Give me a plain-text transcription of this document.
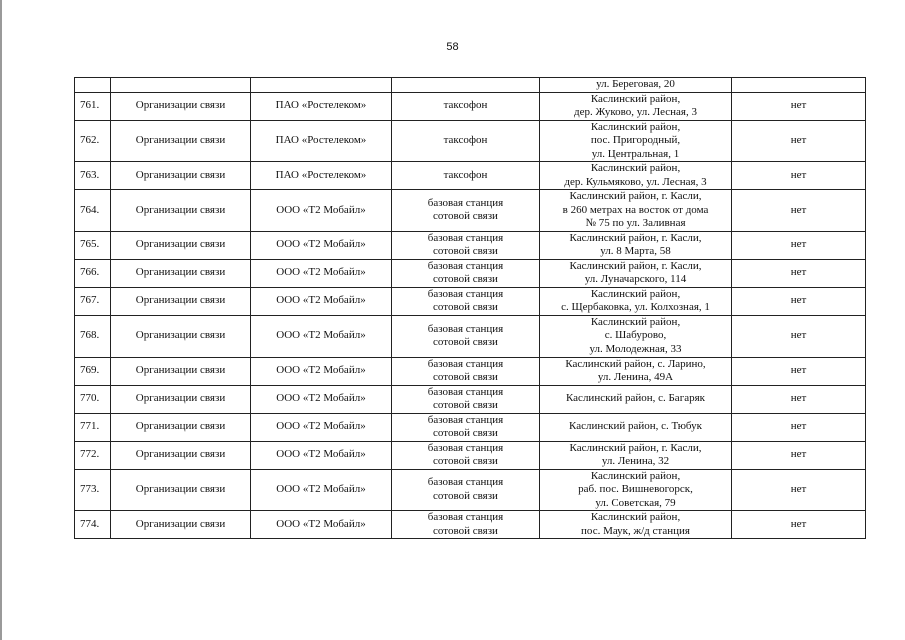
58

				ул. Береговая, 20	

761.	Организации связи	ПАО «Ростелеком»	таксофон	Каслинский район,
дер. Жуково, ул. Лесная, 3	нет
762.	Организации связи	ПАО «Ростелеком»	таксофон	Каслинский район,
пос. Пригородный,
ул. Центральная, 1	нет
763.	Организации связи	ПАО «Ростелеком»	таксофон	Каслинский район,
дер. Кульмяково, ул. Лесная, 3	нет
764.	Организации связи	ООО «Т2 Мобайл»	базовая станция
сотовой связи	Каслинский район, г. Касли,
в 260 метрах на восток от дома
№ 75 по ул. Заливная	нет
765.	Организации связи	ООО «Т2 Мобайл»	базовая станция
сотовой связи	Каслинский район, г. Касли,
ул. 8 Марта, 58	нет
766.	Организации связи	ООО «Т2 Мобайл»	базовая станция
сотовой связи	Каслинский район, г. Касли,
ул. Луначарского, 114	нет
767.	Организации связи	ООО «Т2 Мобайл»	базовая станция
сотовой связи	Каслинский район,
с. Щербаковка, ул. Колхозная, 1	нет
768.	Организации связи	ООО «Т2 Мобайл»	базовая станция
сотовой связи	Каслинский район,
с. Шабурово,
ул. Молодежная, 33	нет
769.	Организации связи	ООО «Т2 Мобайл»	базовая станция
сотовой связи	Каслинский район, с. Ларино,
ул. Ленина, 49А	нет
770.	Организации связи	ООО «Т2 Мобайл»	базовая станция
сотовой связи	Каслинский район, с. Багаряк	нет
771.	Организации связи	ООО «Т2 Мобайл»	базовая станция
сотовой связи	Каслинский район, с. Тюбук	нет
772.	Организации связи	ООО «Т2 Мобайл»	базовая станция
сотовой связи	Каслинский район, г. Касли,
ул. Ленина, 32	нет
773.	Организации связи	ООО «Т2 Мобайл»	базовая станция
сотовой связи	Каслинский район,
раб. пос. Вишневогорск,
ул. Советская, 79	нет
774.	Организации связи	ООО «Т2 Мобайл»	базовая станция
сотовой связи	Каслинский район,
пос. Маук, ж/д станция	нет
